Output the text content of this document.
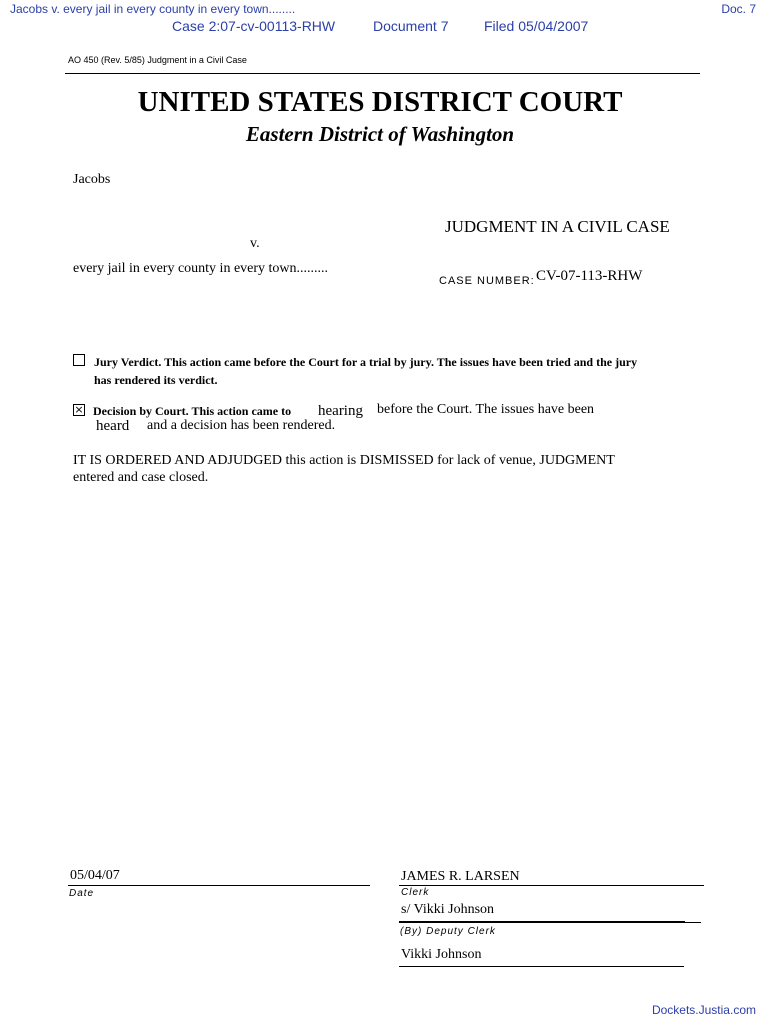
Jacobs v. every jail in every county in every town........	Doc. 7
Case 2:07-cv-00113-RHW	Document 7	Filed 05/04/2007
AO 450 (Rev. 5/85) Judgment in a Civil Case
UNITED STATES DISTRICT COURT
Eastern District of Washington
Jacobs
v.
every jail in every county in every town.........
JUDGMENT IN A CIVIL CASE
CASE NUMBER: CV-07-113-RHW
Jury Verdict. This action came before the Court for a trial by jury. The issues have been tried and the jury
has rendered its verdict.
× Decision by Court. This action came to hearing before the Court. The issues have been
heard and a decision has been rendered.
IT IS ORDERED AND ADJUDGED this action is DISMISSED for lack of venue, JUDGMENT
entered and case closed.
05/04/07
Date
JAMES R. LARSEN
Clerk
s/ Vikki Johnson
(By) Deputy Clerk
Vikki Johnson
Dockets.Justia.com
